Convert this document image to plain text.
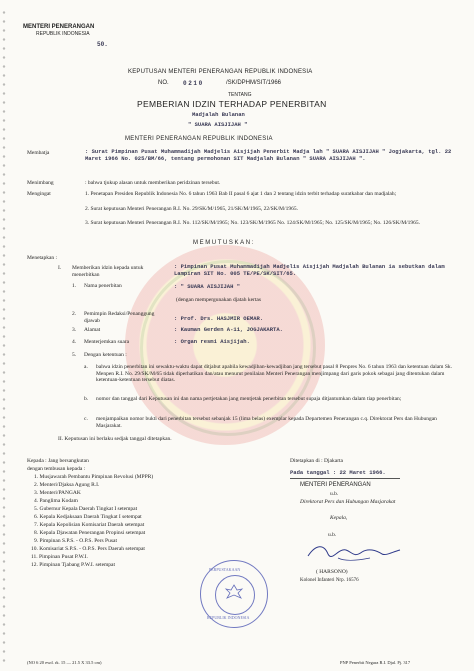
MENTERI PENERANGAN
REPUBLIK INDONESIA
50.
KEPUTUSAN MENTERI PENERANGAN REPUBLIK INDONESIA
NO. 0210	/SK/DPHM/SIT/1966
TENTANG
PEMBERIAN IDZIN TERHADAP PENERBITAN
Madjalah Bulanan
" SUARA AISJIJAH "
MENTERI PENERANGAN REPUBLIK INDONESIA
Membatja	: Surat Pimpinan Pusat Muhammadijah Madjelis Aisjijah Penerbit Madja lah " SUARA AISJIJAH " Jogjakarta, tgl. 22 Maret 1966 No. 025/BM/66, tentang permohonan SIT Madjalah Bulanan " SUARA AISJIJAH ".
Menimbang	: bahwa tjukup alasan untuk memberikan peridzinan tersebut.
Mengingat	1. Penetapan Presiden Republik Indonesia No. 6 tahun 1963 Bab II pasal 6 ajat 1 dan 2 tentang idzin terbit terhadap suratkabar dan madjalah;
2. Surat keputusan Menteri Penerangan R.I. No. 29/SK/M/1965, 21/SK/M/1965, 22/SK/M/1965.
3. Surat keputusan Menteri Penerangan R.I. No. 112/SK/M/1965; No. 123/SK/M/1965 No. 124/SK/M/1965; No. 125/SK/M/1965; No. 126/SK/M/1965.
MEMUTUSKAN:
Menetapkan :
I. Memberikan idzin kepada untuk menerbitkan
: Pimpinan Pusat Muhammadijah Madjelis Aisjijah Madjalah Bulanan ia sebutkan dalam Lampiran SIT No. 005 TE/PE/SK/SIT/65.
1. Nama penerbitan	: " SUARA AISJIJAH "
(dengan mempergunakan djatah kertas
2. Pemimpin Redaksi/Penanggung djawab	: Prof. Drs. HASJMIR OEMAR.
3. Alamat	: Kauman Gerden A-11, JOGJAKARTA.
4. Menterjemkan suara	: Organ resmi Aisjijah.
5. Dengan ketentuan :
a. bahwa idzin penerbitan ini sewaktu-waktu dapat ditjabut apabila kewadjiban-kewadjiban jang tersebut pasal 8 Penpres No. 6 tahun 1963 dan ketentuan dalam Sk. Menpen R.I. No. 29/SK/M/65 tidak diperhatikan dan/atau menurut penilaian Menteri Penerangan menjimpang dari garis pokok sebagai jang ditentukan dalam ketentuan-ketentuan tersebut diatas.
b. nomor dan tanggal dari Keputusan ini dan nama pertjetakan jang mentjetak penerbitan tersebut supaja ditjantumkan dalam tiap penerbitan;
c. menjampaikan nomor bukti dari penerbitan tersebut sebanjak 15 (lima belas) exemplar kepada Departemen Penerangan c.q. Direktorat Pers dan Hubungan Masjarakat.
II. Keputusan ini berlaku sedjak tanggal ditetapkan.
Kepada : Jang bersangkutan
dengan tembusan kepada :
1. Musjawarah Pembantu Pimpinan Revolusi (MPPR)
2. Menteri/Djaksa Agung R.I.
3. Menteri/PANGAK
4. Panglima Kodam
5. Gubernur Kepala Daerah Tingkat I setempat
6. Kepala Kedjaksaan Daerah Tingkat I setempat
7. Kepala Kepolisian Komisariat Daerah setempat
8. Kepala Djawatan Penerangan Propinsi setempat
9. Pimpinan S.P.S. - O.P.S. Pers Pusat
10. Komisariat S.P.S. - O.P.S. Pers Daerah setempat
11. Pimpinan Pusat P.W.I.
12. Pimpinan Tjabang P.W.I. setempat
Ditetapkan di : Djakarta
Pada tanggal : 22 Maret 1966.
MENTERI PENERANGAN
u.b.
Direktorat Pers dan Hubungan Masjarakat
Kepala,
u.b.
( HARSONO)
Kolonel Infanteri Nrp. 16576
PERPUSTAKAAN
REPUBLIK INDONESIA
(NO 6 20 ewd. rk. 15 — 21.5 X 33.5 cm)	PNP Penerbit Negara R.I. Djal. Pj. 317
